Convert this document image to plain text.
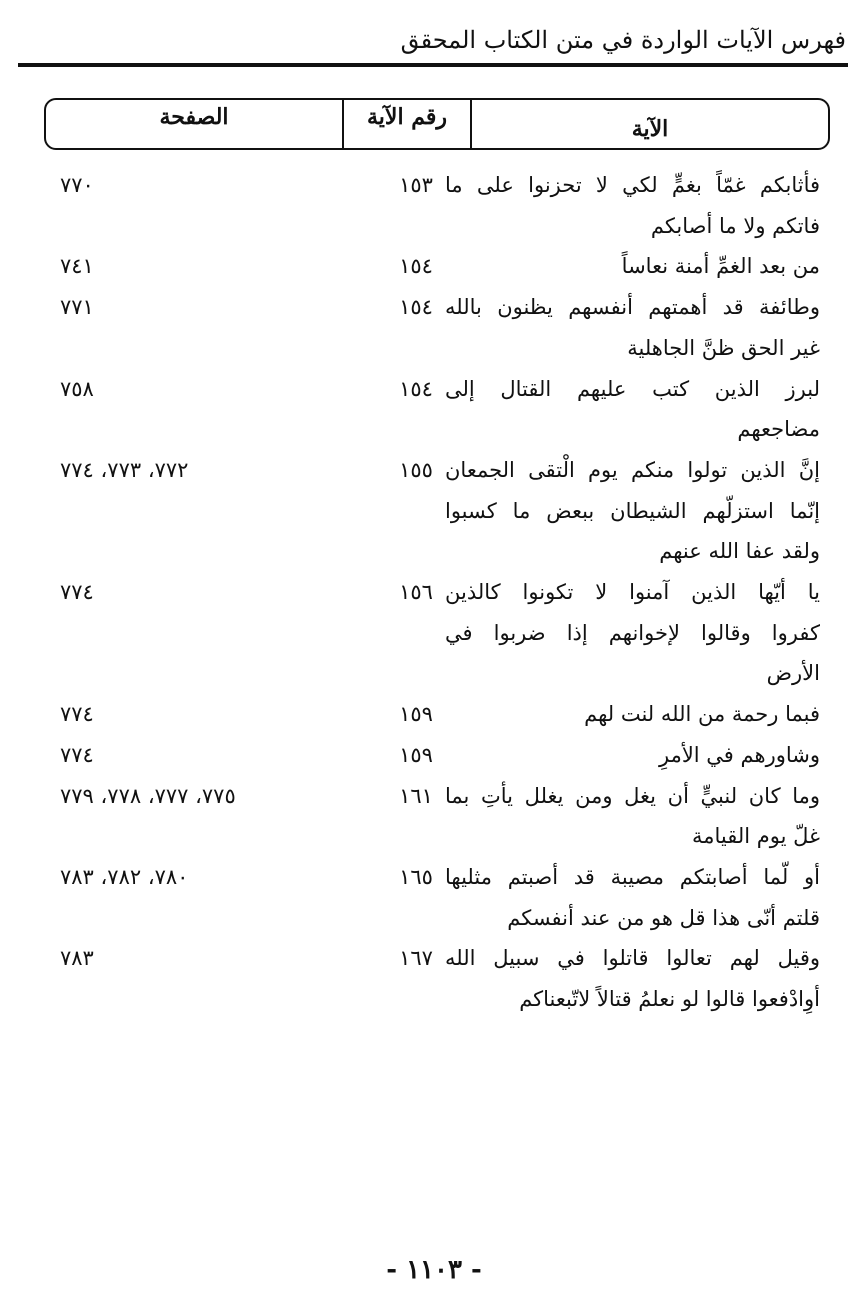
فهرس الآيات الواردة في متن الكتاب المحقق
الآية
رقم الآية
الصفحة
فأثابكم غمّاً بغمٍّ لكي لا تحزنوا على ما
فاتكم ولا ما أصابكم
١٥٣
٧٧٠
من بعد الغمِّ أمنة نعاساً
١٥٤
٧٤١
وطائفة قد أهمتهم أنفسهم يظنون بالله
غير الحق ظنَّ الجاهلية
١٥٤
٧٧١
لبرز الذين كتب عليهم القتال إلى
مضاجعهم
١٥٤
٧٥٨
إنَّ الذين تولوا منكم يوم الْتقى الجمعان
إنّما استزلّهم الشيطان ببعض ما كسبوا
ولقد عفا الله عنهم
١٥٥
٧٧٢، ٧٧٣، ٧٧٤
يا أيّها الذين آمنوا لا تكونوا كالذين
كفروا وقالوا لإخوانهم إذا ضربوا في
الأرض
١٥٦
٧٧٤
فبما رحمة من الله لنت لهم
١٥٩
٧٧٤
وشاورهم في الأمرِ
١٥٩
٧٧٤
وما كان لنبيٍّ أن يغل ومن يغلل يأتِ بما
غلّ يوم القيامة
١٦١
٧٧٥، ٧٧٧، ٧٧٨، ٧٧٩
أو لّما أصابتكم مصيبة قد أصبتم مثليها
قلتم أنّى هذا قل هو من عند أنفسكم
١٦٥
٧٨٠، ٧٨٢، ٧٨٣
وقيل لهم تعالوا قاتلوا في سبيل الله
أوِادْفعوا قالوا لو نعلمُ قتالاً لاتّبعناكم
١٦٧
٧٨٣
- ١١٠٣ -
